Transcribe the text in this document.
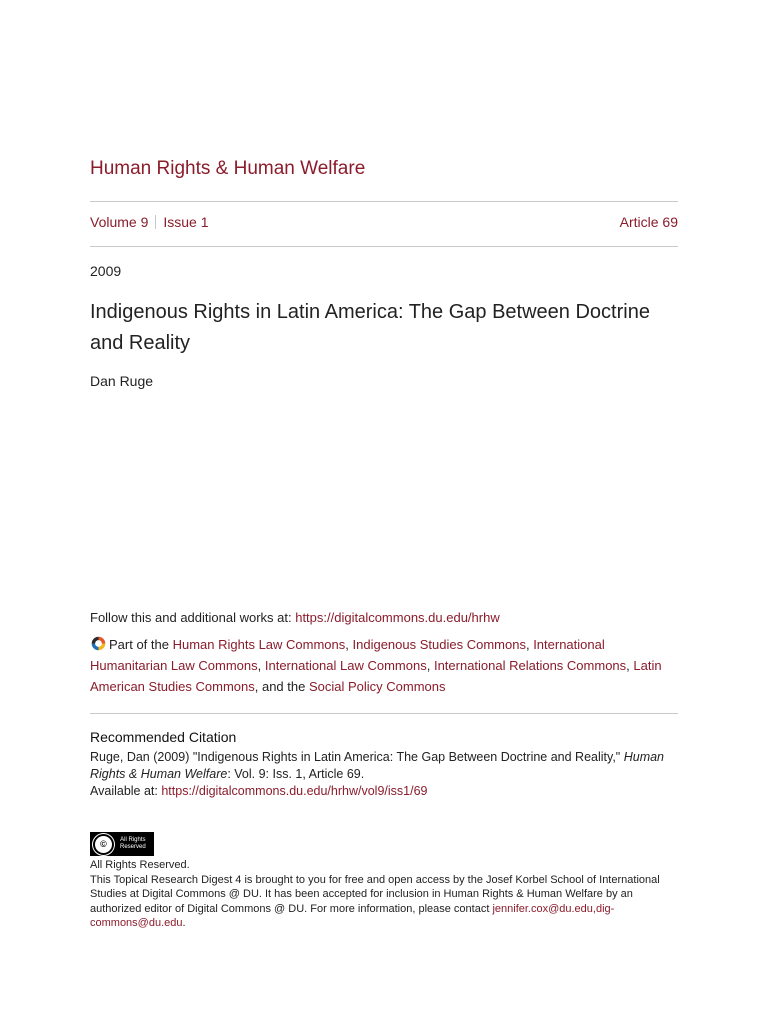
Human Rights & Human Welfare
Volume 9 Issue 1	Article 69
2009
Indigenous Rights in Latin America: The Gap Between Doctrine and Reality
Dan Ruge
Follow this and additional works at: https://digitalcommons.du.edu/hrhw
Part of the Human Rights Law Commons, Indigenous Studies Commons, International Humanitarian Law Commons, International Law Commons, International Relations Commons, Latin American Studies Commons, and the Social Policy Commons
Recommended Citation
Ruge, Dan (2009) "Indigenous Rights in Latin America: The Gap Between Doctrine and Reality," Human Rights & Human Welfare: Vol. 9: Iss. 1, Article 69.
Available at: https://digitalcommons.du.edu/hrhw/vol9/iss1/69
©	All Rights
Reserved
All Rights Reserved.
This Topical Research Digest 4 is brought to you for free and open access by the Josef Korbel School of International Studies at Digital Commons @ DU. It has been accepted for inclusion in Human Rights & Human Welfare by an authorized editor of Digital Commons @ DU. For more information, please contact jennifer.cox@du.edu,dig-commons@du.edu.
